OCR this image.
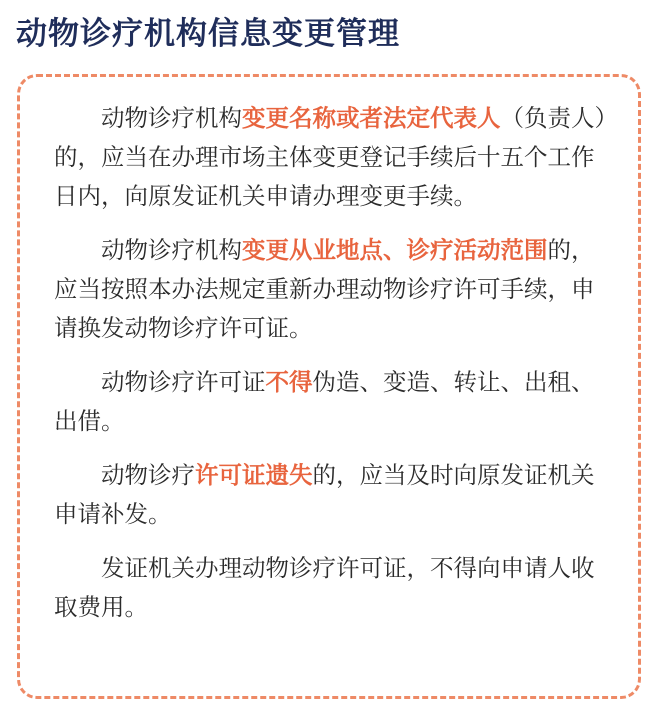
动物诊疗机构信息变更管理

动物诊疗机构变更名称或者法定代表人（负责人）的，应当在办理市场主体变更登记手续后十五个工作日内，向原发证机关申请办理变更手续。

动物诊疗机构变更从业地点、诊疗活动范围的，应当按照本办法规定重新办理动物诊疗许可手续，申请换发动物诊疗许可证。

动物诊疗许可证不得伪造、变造、转让、出租、出借。

动物诊疗许可证遗失的，应当及时向原发证机关申请补发。

发证机关办理动物诊疗许可证，不得向申请人收取费用。
